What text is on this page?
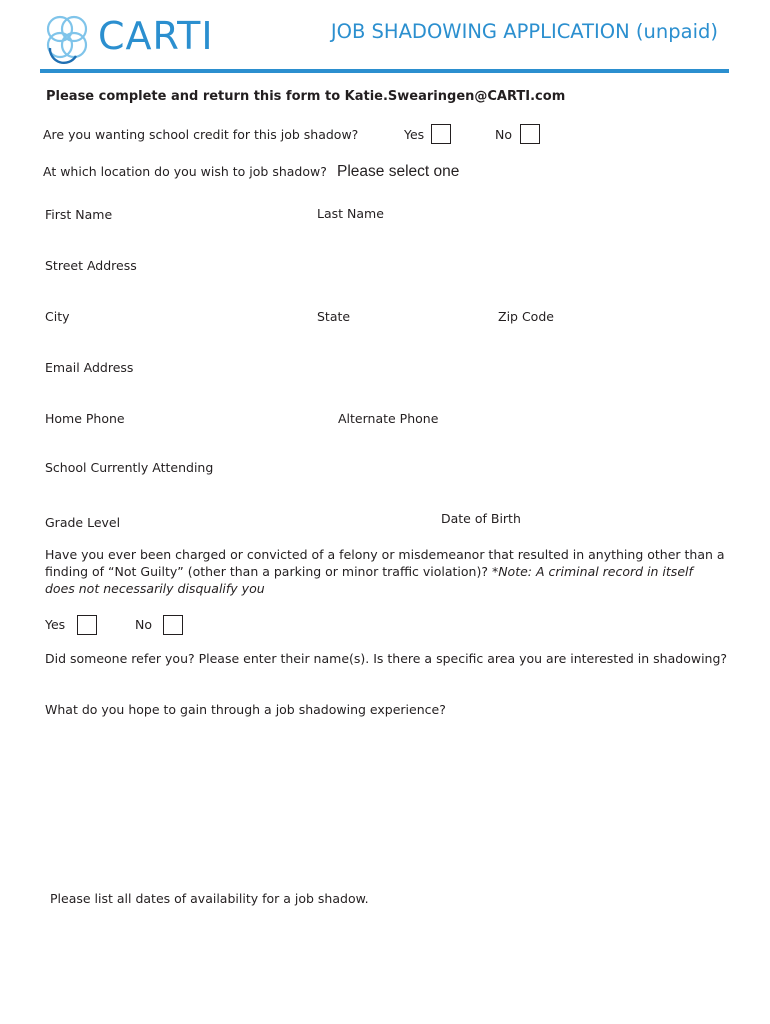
CARTI	JOB SHADOWING APPLICATION (unpaid)
Please complete and return this form to Katie.Swearingen@CARTI.com
Are you wanting school credit for this job shadow?	Yes	No
At which location do you wish to job shadow? Please select one
First Name	Last Name
Street Address
City	State	Zip Code
Email Address
Home Phone	Alternate Phone
School Currently Attending
Grade Level	Date of Birth
Have you ever been charged or convicted of a felony or misdemeanor that resulted in anything other than a finding of “Not Guilty” (other than a parking or minor traffic violation)? *Note: A criminal record in itself does not necessarily disqualify you
Yes	No
Did someone refer you? Please enter their name(s). Is there a specific area you are interested in shadowing?
What do you hope to gain through a job shadowing experience?
Please list all dates of availability for a job shadow.
